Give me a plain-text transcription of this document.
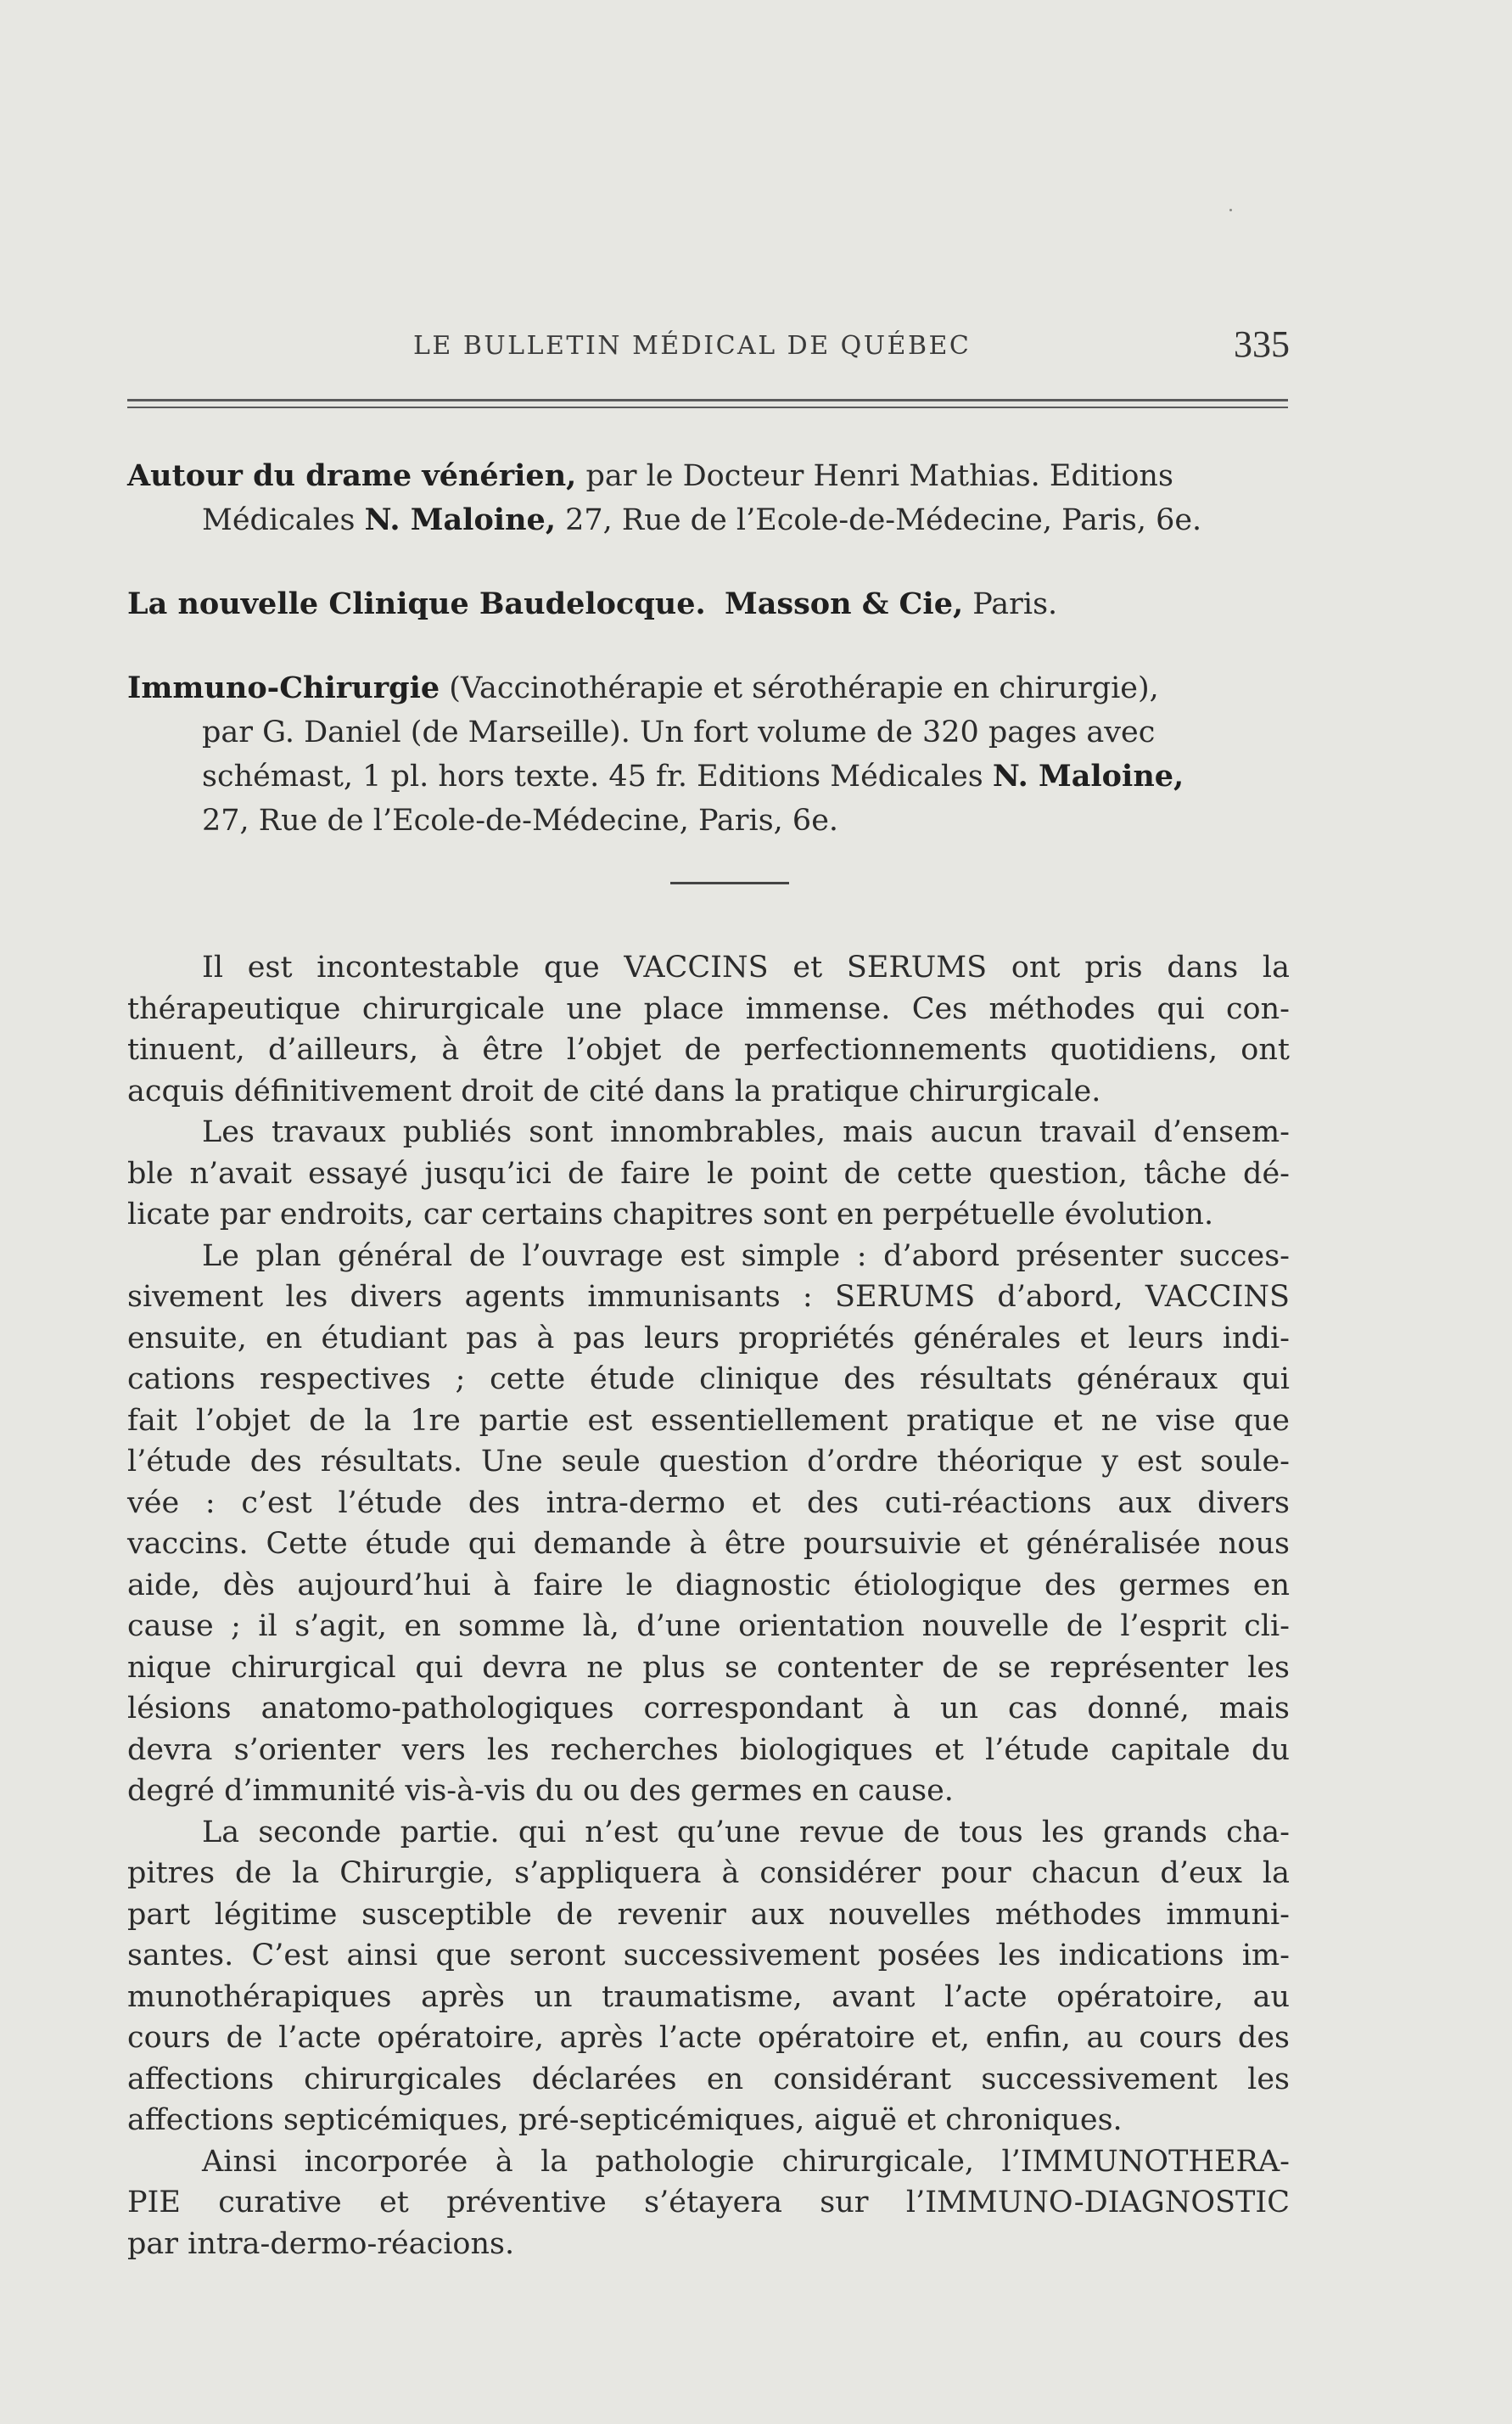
LE BULLETIN MÉDICAL DE QUÉBEC	335
Autour du drame vénérien, par le Docteur Henri Mathias. Editions
Médicales N. Maloine, 27, Rue de l’Ecole-de-Médecine, Paris, 6e.
La nouvelle Clinique Baudelocque. Masson & Cie, Paris.
Immuno-Chirurgie (Vaccinothérapie et sérothérapie en chirurgie),
par G. Daniel (de Marseille). Un fort volume de 320 pages avec
schémast, 1 pl. hors texte. 45 fr. Editions Médicales N. Maloine,
27, Rue de l’Ecole-de-Médecine, Paris, 6e.
Il est incontestable que VACCINS et SERUMS ont pris dans la
thérapeutique chirurgicale une place immense. Ces méthodes qui con-
tinuent, d’ailleurs, à être l’objet de perfectionnements quotidiens, ont
acquis définitivement droit de cité dans la pratique chirurgicale.
Les travaux publiés sont innombrables, mais aucun travail d’ensem-
ble n’avait essayé jusqu’ici de faire le point de cette question, tâche dé-
licate par endroits, car certains chapitres sont en perpétuelle évolution.
Le plan général de l’ouvrage est simple : d’abord présenter succes-
sivement les divers agents immunisants : SERUMS d’abord, VACCINS
ensuite, en étudiant pas à pas leurs propriétés générales et leurs indi-
cations respectives ; cette étude clinique des résultats généraux qui
fait l’objet de la 1re partie est essentiellement pratique et ne vise que
l’étude des résultats. Une seule question d’ordre théorique y est soule-
vée : c’est l’étude des intra-dermo et des cuti-réactions aux divers
vaccins. Cette étude qui demande à être poursuivie et généralisée nous
aide, dès aujourd’hui à faire le diagnostic étiologique des germes en
cause ; il s’agit, en somme là, d’une orientation nouvelle de l’esprit cli-
nique chirurgical qui devra ne plus se contenter de se représenter les
lésions anatomo-pathologiques correspondant à un cas donné, mais
devra s’orienter vers les recherches biologiques et l’étude capitale du
degré d’immunité vis-à-vis du ou des germes en cause.
La seconde partie. qui n’est qu’une revue de tous les grands cha-
pitres de la Chirurgie, s’appliquera à considérer pour chacun d’eux la
part légitime susceptible de revenir aux nouvelles méthodes immuni-
santes. C’est ainsi que seront successivement posées les indications im-
munothérapiques après un traumatisme, avant l’acte opératoire, au
cours de l’acte opératoire, après l’acte opératoire et, enfin, au cours des
affections chirurgicales déclarées en considérant successivement les
affections septicémiques, pré-septicémiques, aiguë et chroniques.
Ainsi incorporée à la pathologie chirurgicale, l’IMMUNOTHERA-
PIE curative et préventive s’étayera sur l’IMMUNO-DIAGNOSTIC
par intra-dermo-réacions.
